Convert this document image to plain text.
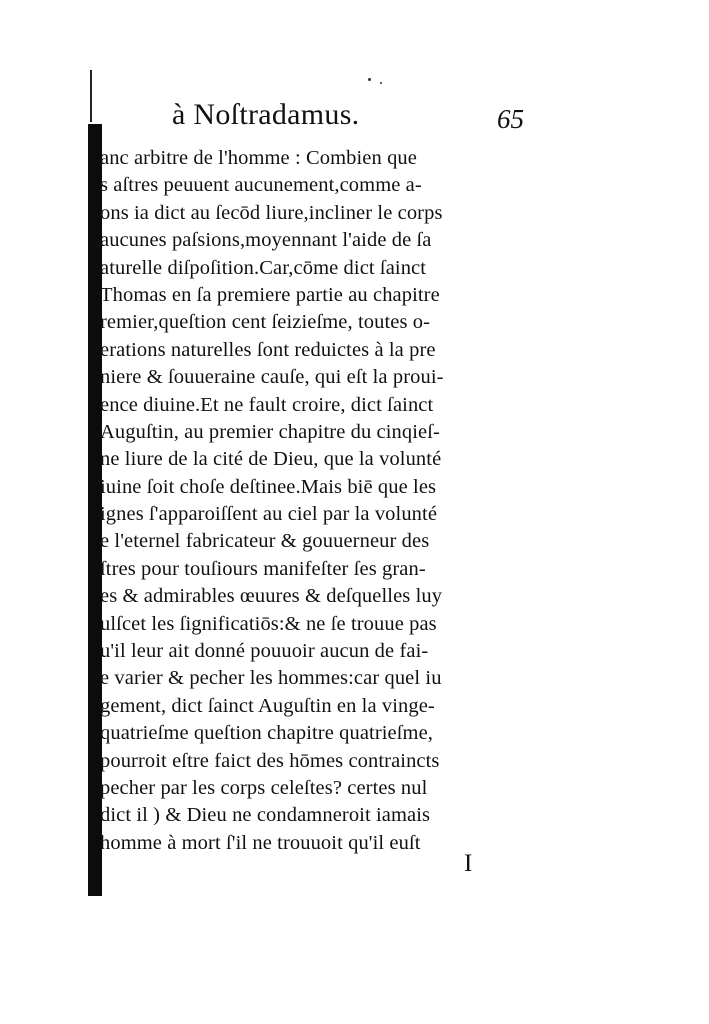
à Noſtradamus.	65
anc arbitre de l'homme : Combien que
s aſtres peuuent aucunement,comme a-
ons ia dict au ſecōd liure,incliner le corps
aucunes paſsions,moyennant l'aide de ſa
aturelle diſpoſition.Car,cōme dict ſainct
Thomas en ſa premiere partie au chapitre
remier,queſtion cent ſeizieſme, toutes o-
erations naturelles ſont reduictes à la pre
niere & ſouueraine cauſe, qui eſt la proui-
ence diuine.Et ne fault croire, dict ſainct
Auguſtin, au premier chapitre du cinqieſ-
ne liure de la cité de Dieu, que la volunté
iuine ſoit choſe deſtinee.Mais biē que les
ignes ſ'apparoiſſent au ciel par la volunté
e l'eternel fabricateur & gouuerneur des
ſtres pour touſiours manifeſter ſes gran-
es & admirables œuures & deſquelles luy
ulſcet les ſignificatiōs:& ne ſe trouue pas
u'il leur ait donné pouuoir aucun de fai-
e varier & pecher les hommes:car quel iu
gement, dict ſainct Auguſtin en la vinge-
quatrieſme queſtion chapitre quatrieſme,
pourroit eſtre faict des hōmes contraincts
pecher par les corps celeſtes? certes nul
dict il ) & Dieu ne condamneroit iamais
homme à mort ſ'il ne trouuoit qu'il euſt
I
